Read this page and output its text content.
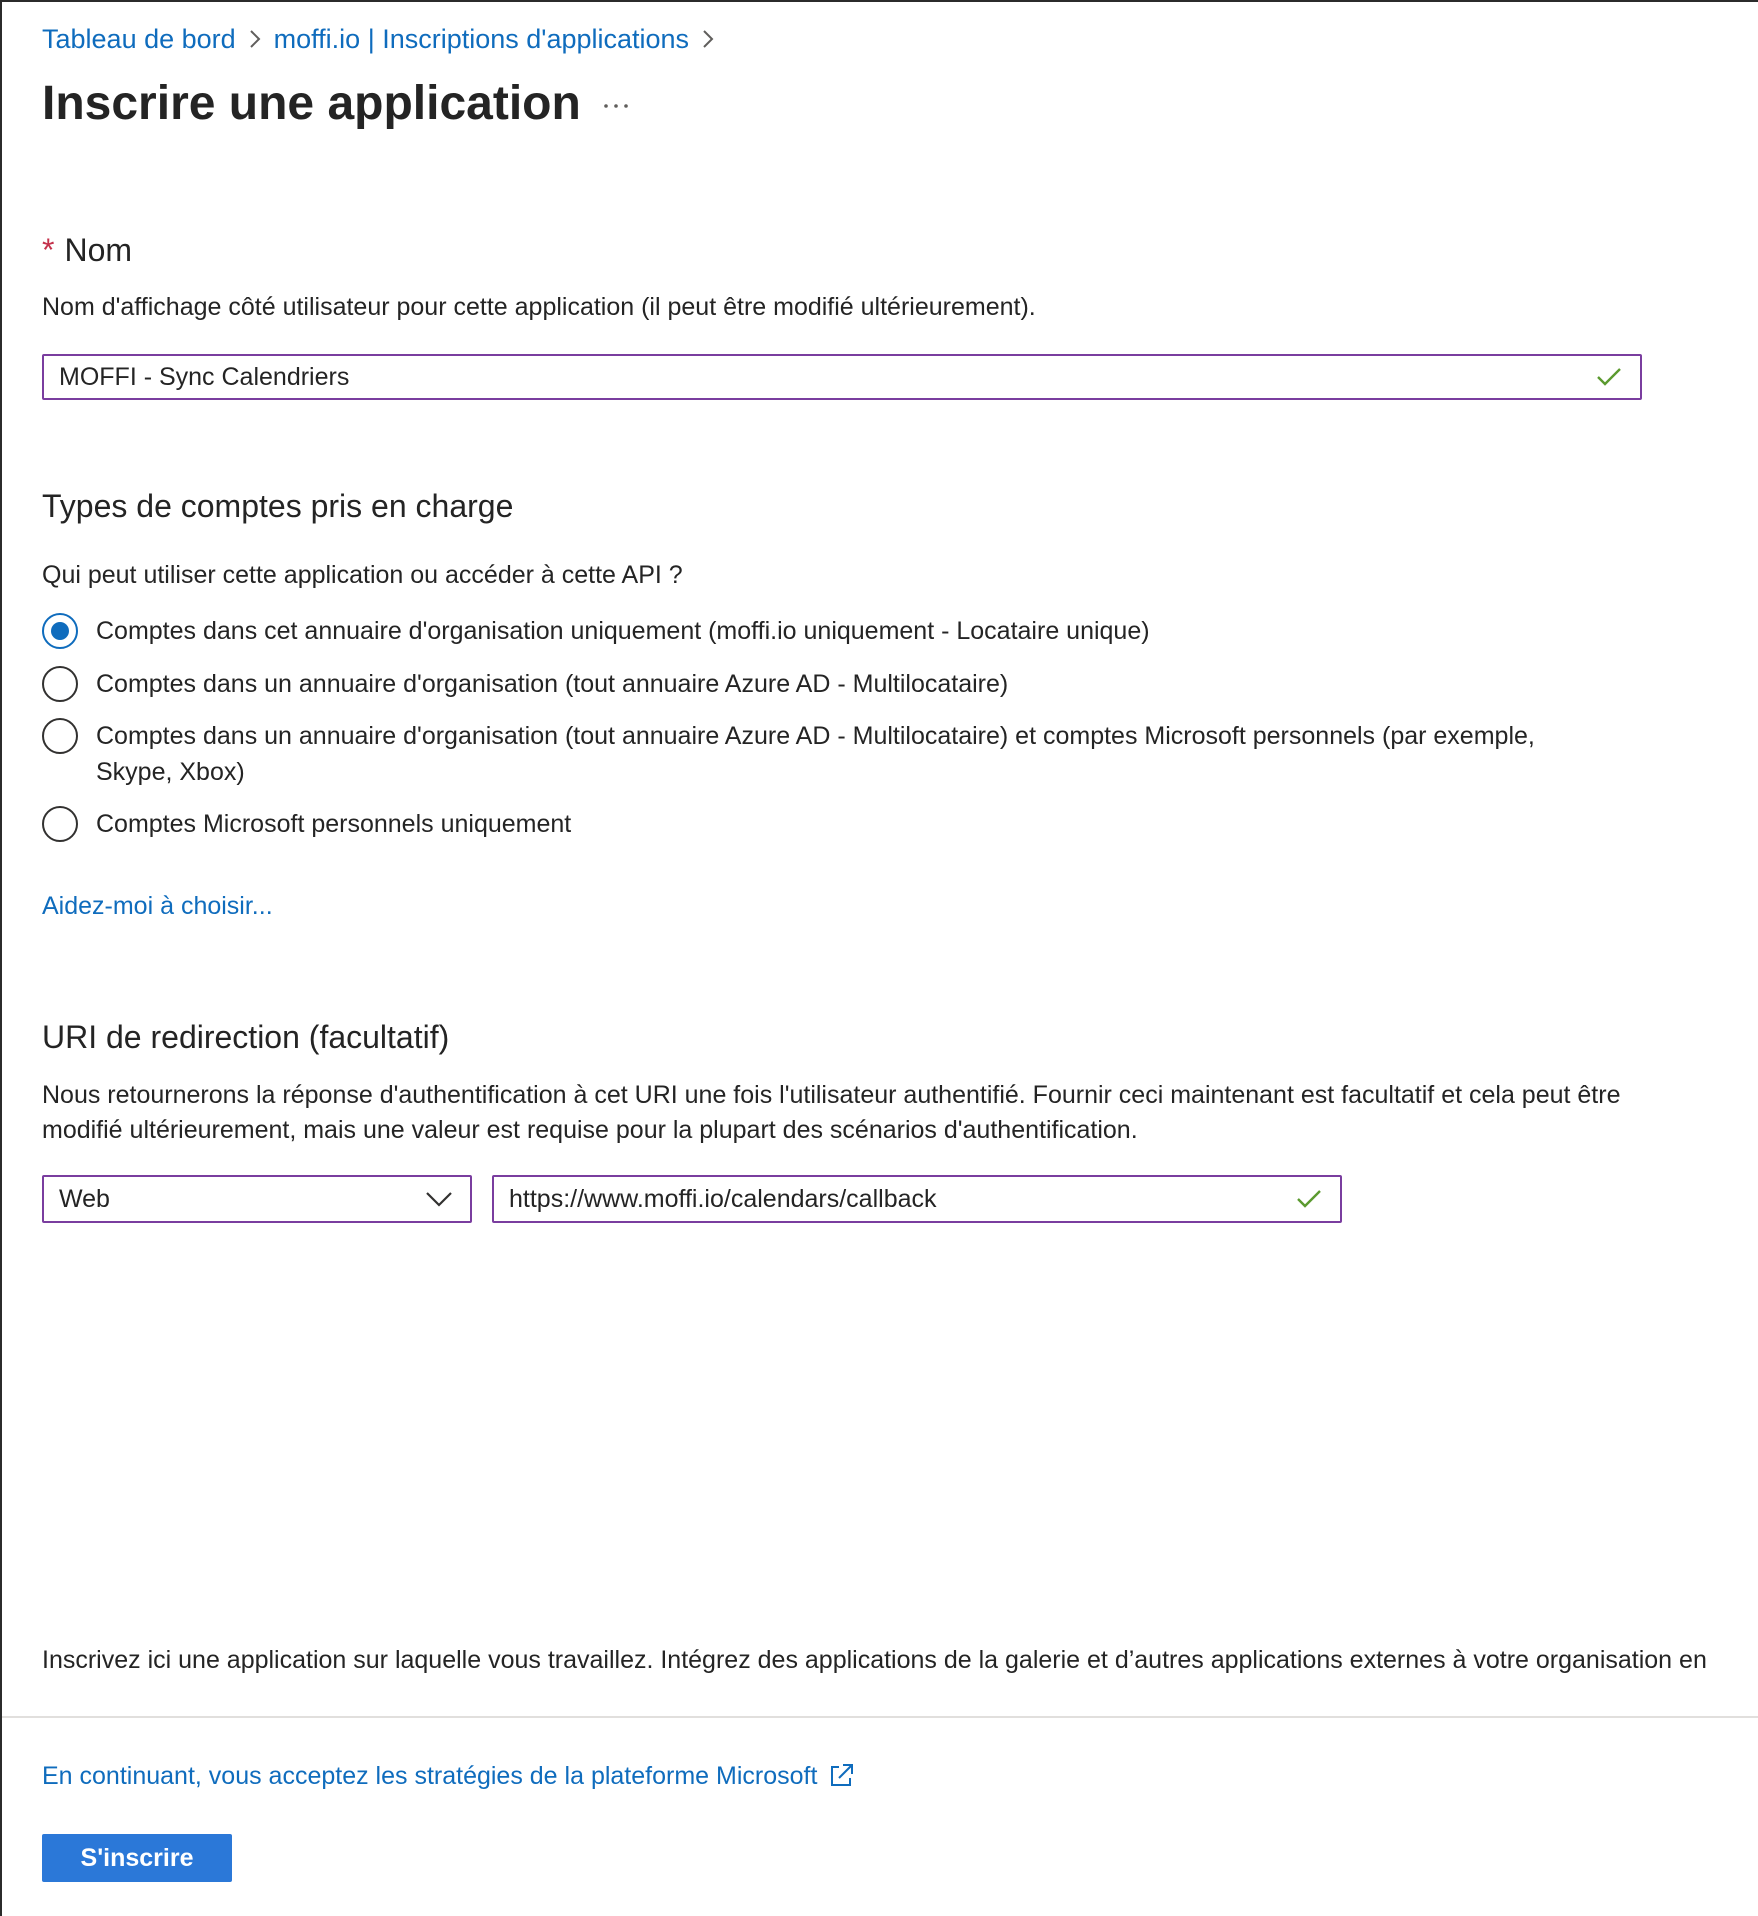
Tableau de bord moffi.io | Inscriptions d'applications
Inscrire une application
* Nom
Nom d'affichage côté utilisateur pour cette application (il peut être modifié ultérieurement).
MOFFI - Sync Calendriers
Types de comptes pris en charge
Qui peut utiliser cette application ou accéder à cette API ?
Comptes dans cet annuaire d'organisation uniquement (moffi.io uniquement - Locataire unique)
Comptes dans un annuaire d'organisation (tout annuaire Azure AD - Multilocataire)
Comptes dans un annuaire d'organisation (tout annuaire Azure AD - Multilocataire) et comptes Microsoft personnels (par exemple, Skype, Xbox)
Comptes Microsoft personnels uniquement
Aidez-moi à choisir...
URI de redirection (facultatif)
Nous retournerons la réponse d'authentification à cet URI une fois l'utilisateur authentifié. Fournir ceci maintenant est facultatif et cela peut être modifié ultérieurement, mais une valeur est requise pour la plupart des scénarios d'authentification.
Web	https://www.moffi.io/calendars/callback
Inscrivez ici une application sur laquelle vous travaillez. Intégrez des applications de la galerie et d’autres applications externes à votre organisation en
En continuant, vous acceptez les stratégies de la plateforme Microsoft
S'inscrire
